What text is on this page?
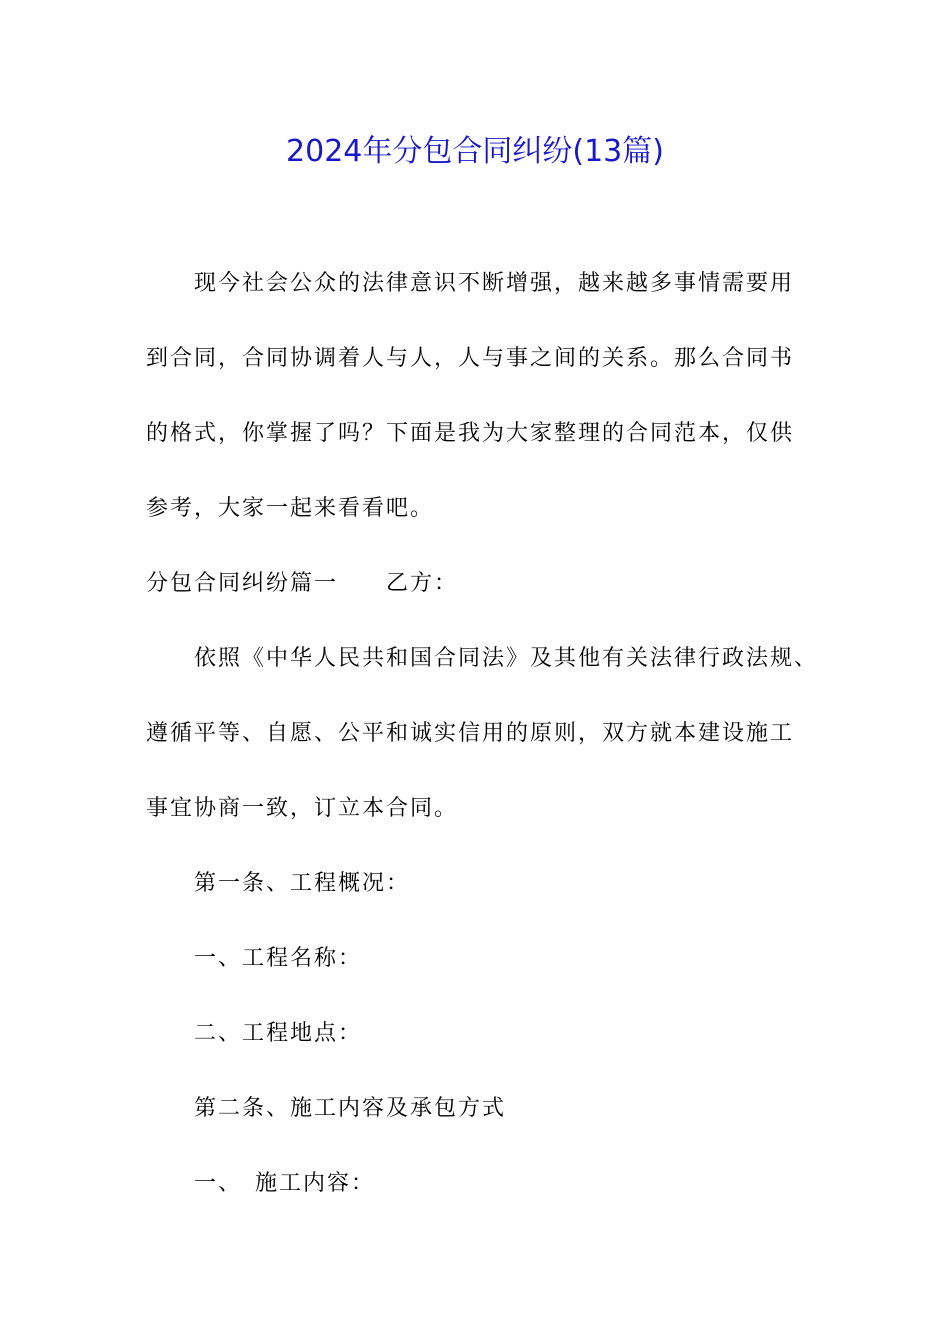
2024年分包合同纠纷(13篇)
现今社会公众的法律意识不断增强，越来越多事情需要用
到合同，合同协调着人与人，人与事之间的关系。那么合同书
的格式，你掌握了吗？下面是我为大家整理的合同范本，仅供
参考，大家一起来看看吧。
分包合同纠纷篇一　　乙方：
依照《中华人民共和国合同法》及其他有关法律行政法规、
遵循平等、自愿、公平和诚实信用的原则，双方就本建设施工
事宜协商一致，订立本合同。
第一条、工程概况：
一、工程名称：
二、工程地点：
第二条、施工内容及承包方式
一、　施工内容：
